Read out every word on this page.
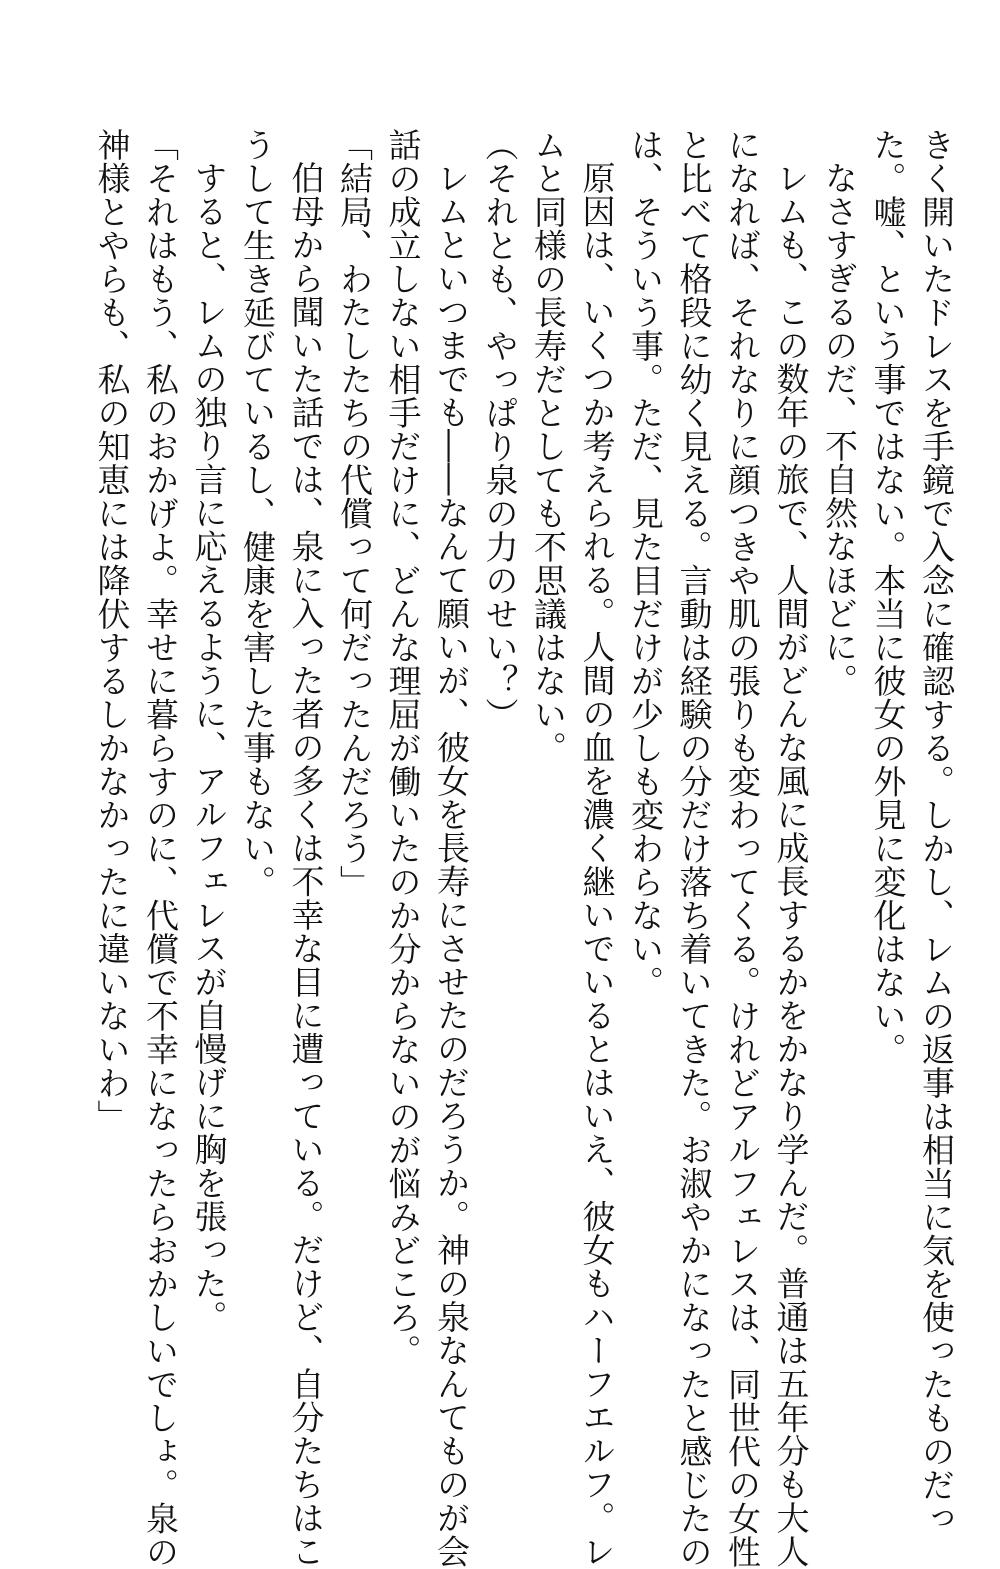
きく開いたドレスを手鏡で入念に確認する。しかし、レムの返事は相当に気を使ったものだっ
た。嘘、という事ではない。本当に彼女の外見に変化はない。
なさすぎるのだ、不自然なほどに。
レムも、この数年の旅で、人間がどんな風に成長するかをかなり学んだ。普通は五年分も大人
になれば、それなりに顔つきや肌の張りも変わってくる。けれどアルフェレスは、同世代の女性
と比べて格段に幼く見える。言動は経験の分だけ落ち着いてきた。お淑やかになったと感じたの
は、そういう事。ただ、見た目だけが少しも変わらない。
原因は、いくつか考えられる。人間の血を濃く継いでいるとはいえ、彼女もハーフエルフ。レ
ムと同様の長寿だとしても不思議はない。
（それとも、やっぱり泉の力のせい？）
レムといつまでも――なんて願いが、彼女を長寿にさせたのだろうか。神の泉なんてものが会
話の成立しない相手だけに、どんな理屈が働いたのか分からないのが悩みどころ。
「結局、わたしたちの代償って何だったんだろう」
伯母から聞いた話では、泉に入った者の多くは不幸な目に遭っている。だけど、自分たちはこ
うして生き延びているし、健康を害した事もない。
すると、レムの独り言に応えるように、アルフェレスが自慢げに胸を張った。
「それはもう、私のおかげよ。幸せに暮らすのに、代償で不幸になったらおかしいでしょ。泉の
神様とやらも、私の知恵には降伏するしかなかったに違いないわ」
